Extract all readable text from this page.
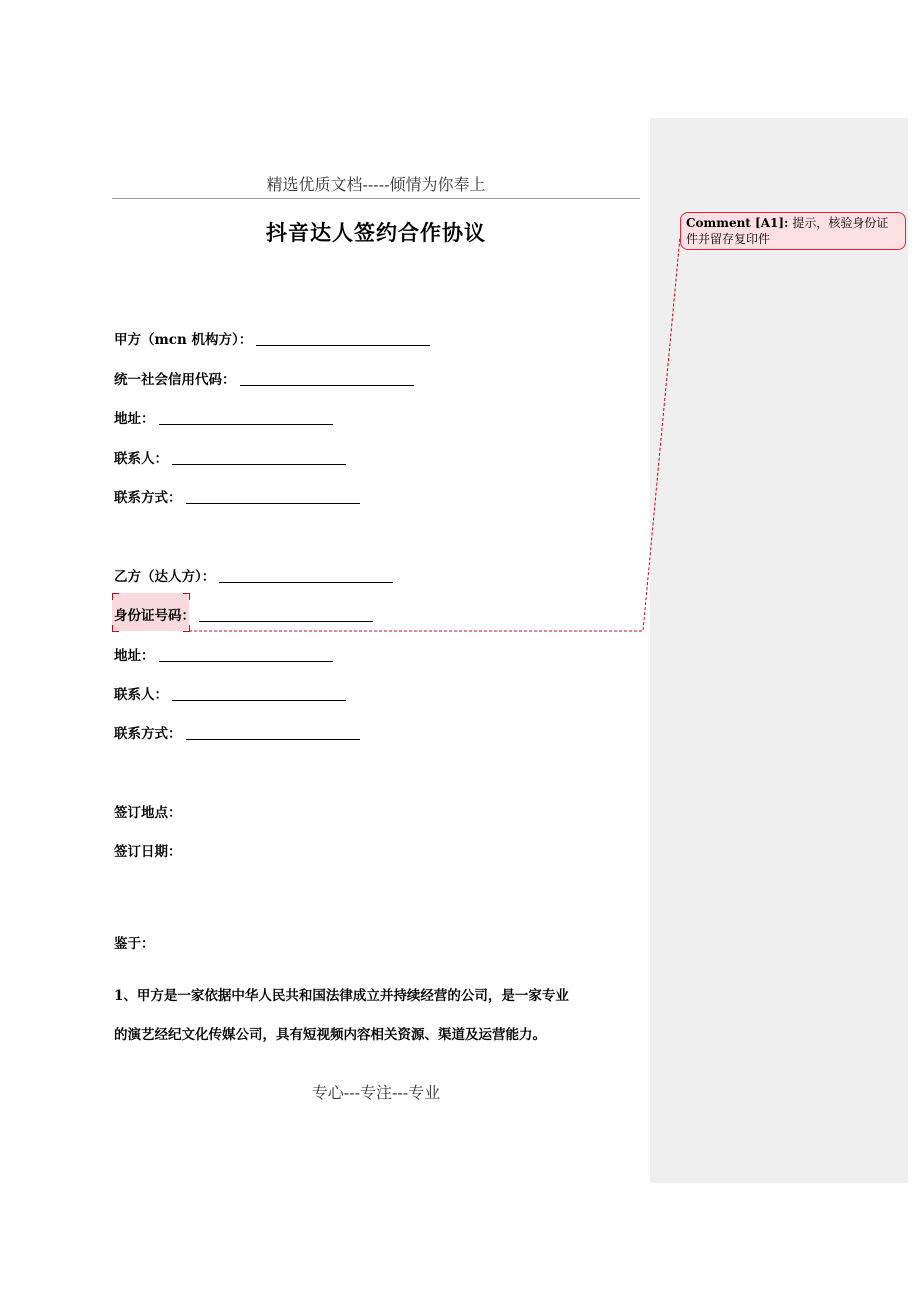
精选优质文档-----倾情为你奉上
抖音达人签约合作协议
甲方（mcn 机构方）：
统一社会信用代码：
地址：
联系人：
联系方式：
乙方（达人方）：
身份证号码：
地址：
联系人：
联系方式：
签订地点：
签订日期：
鉴于：
1、甲方是一家依据中华人民共和国法律成立并持续经营的公司，是一家专业
的演艺经纪文化传媒公司，具有短视频内容相关资源、渠道及运营能力。
专心---专注---专业
Comment [A1]: 提示，核验身份证件并留存复印件
